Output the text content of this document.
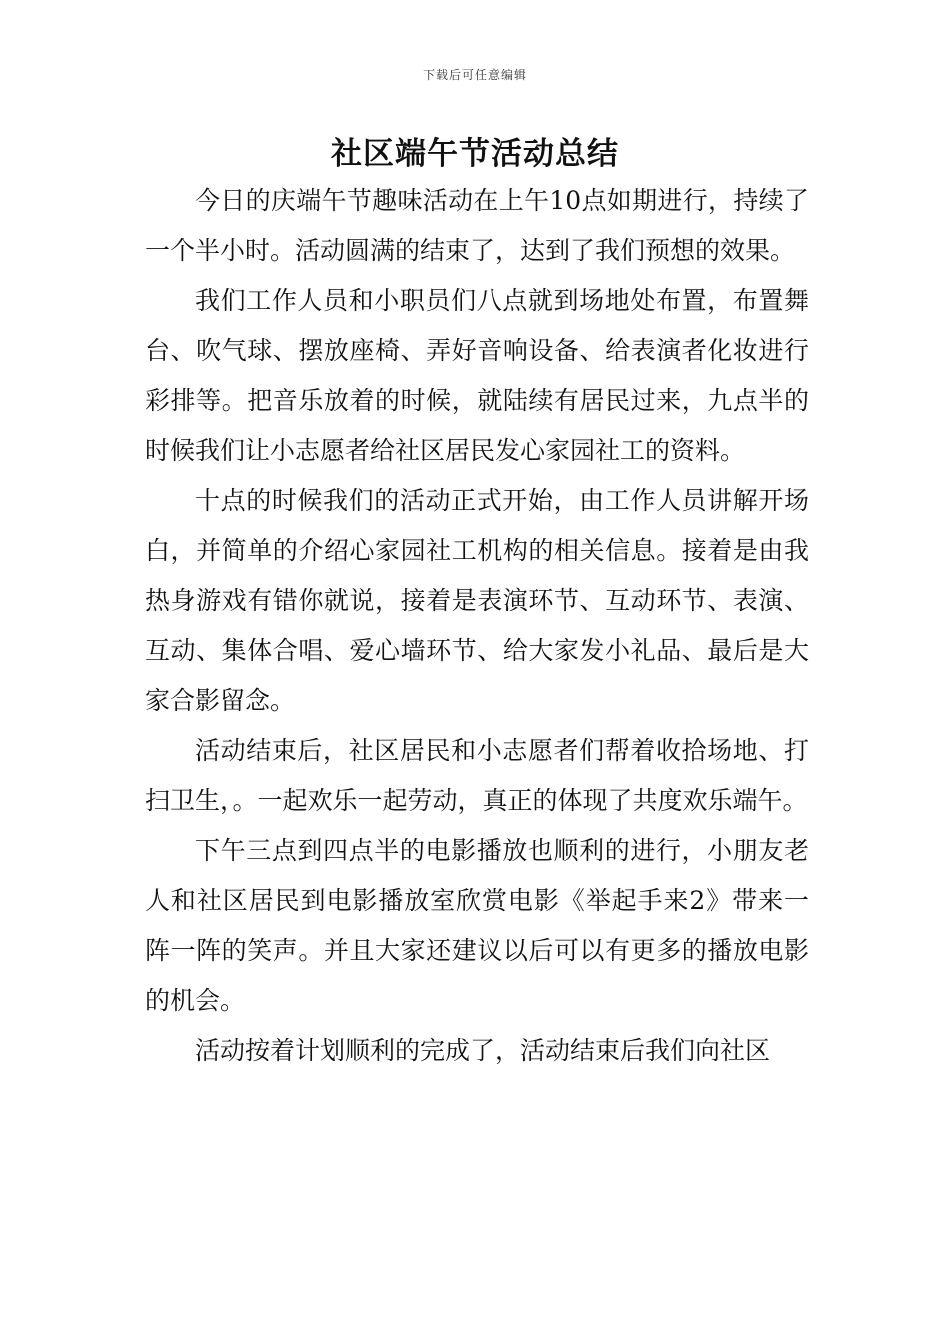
下载后可任意编辑
社区端午节活动总结

今日的庆端午节趣味活动在上午10点如期进行，持续了一个半小时。活动圆满的结束了，达到了我们预想的效果。

我们工作人员和小职员们八点就到场地处布置，布置舞台、吹气球、摆放座椅、弄好音响设备、给表演者化妆进行彩排等。把音乐放着的时候，就陆续有居民过来，九点半的时候我们让小志愿者给社区居民发心家园社工的资料。

十点的时候我们的活动正式开始，由工作人员讲解开场白，并简单的介绍心家园社工机构的相关信息。接着是由我热身游戏有错你就说，接着是表演环节、互动环节、表演、互动、集体合唱、爱心墙环节、给大家发小礼品、最后是大家合影留念。

活动结束后，社区居民和小志愿者们帮着收拾场地、打扫卫生，。一起欢乐一起劳动，真正的体现了共度欢乐端午。

下午三点到四点半的电影播放也顺利的进行，小朋友老人和社区居民到电影播放室欣赏电影《举起手来2》带来一阵一阵的笑声。并且大家还建议以后可以有更多的播放电影的机会。

活动按着计划顺利的完成了，活动结束后我们向社区
